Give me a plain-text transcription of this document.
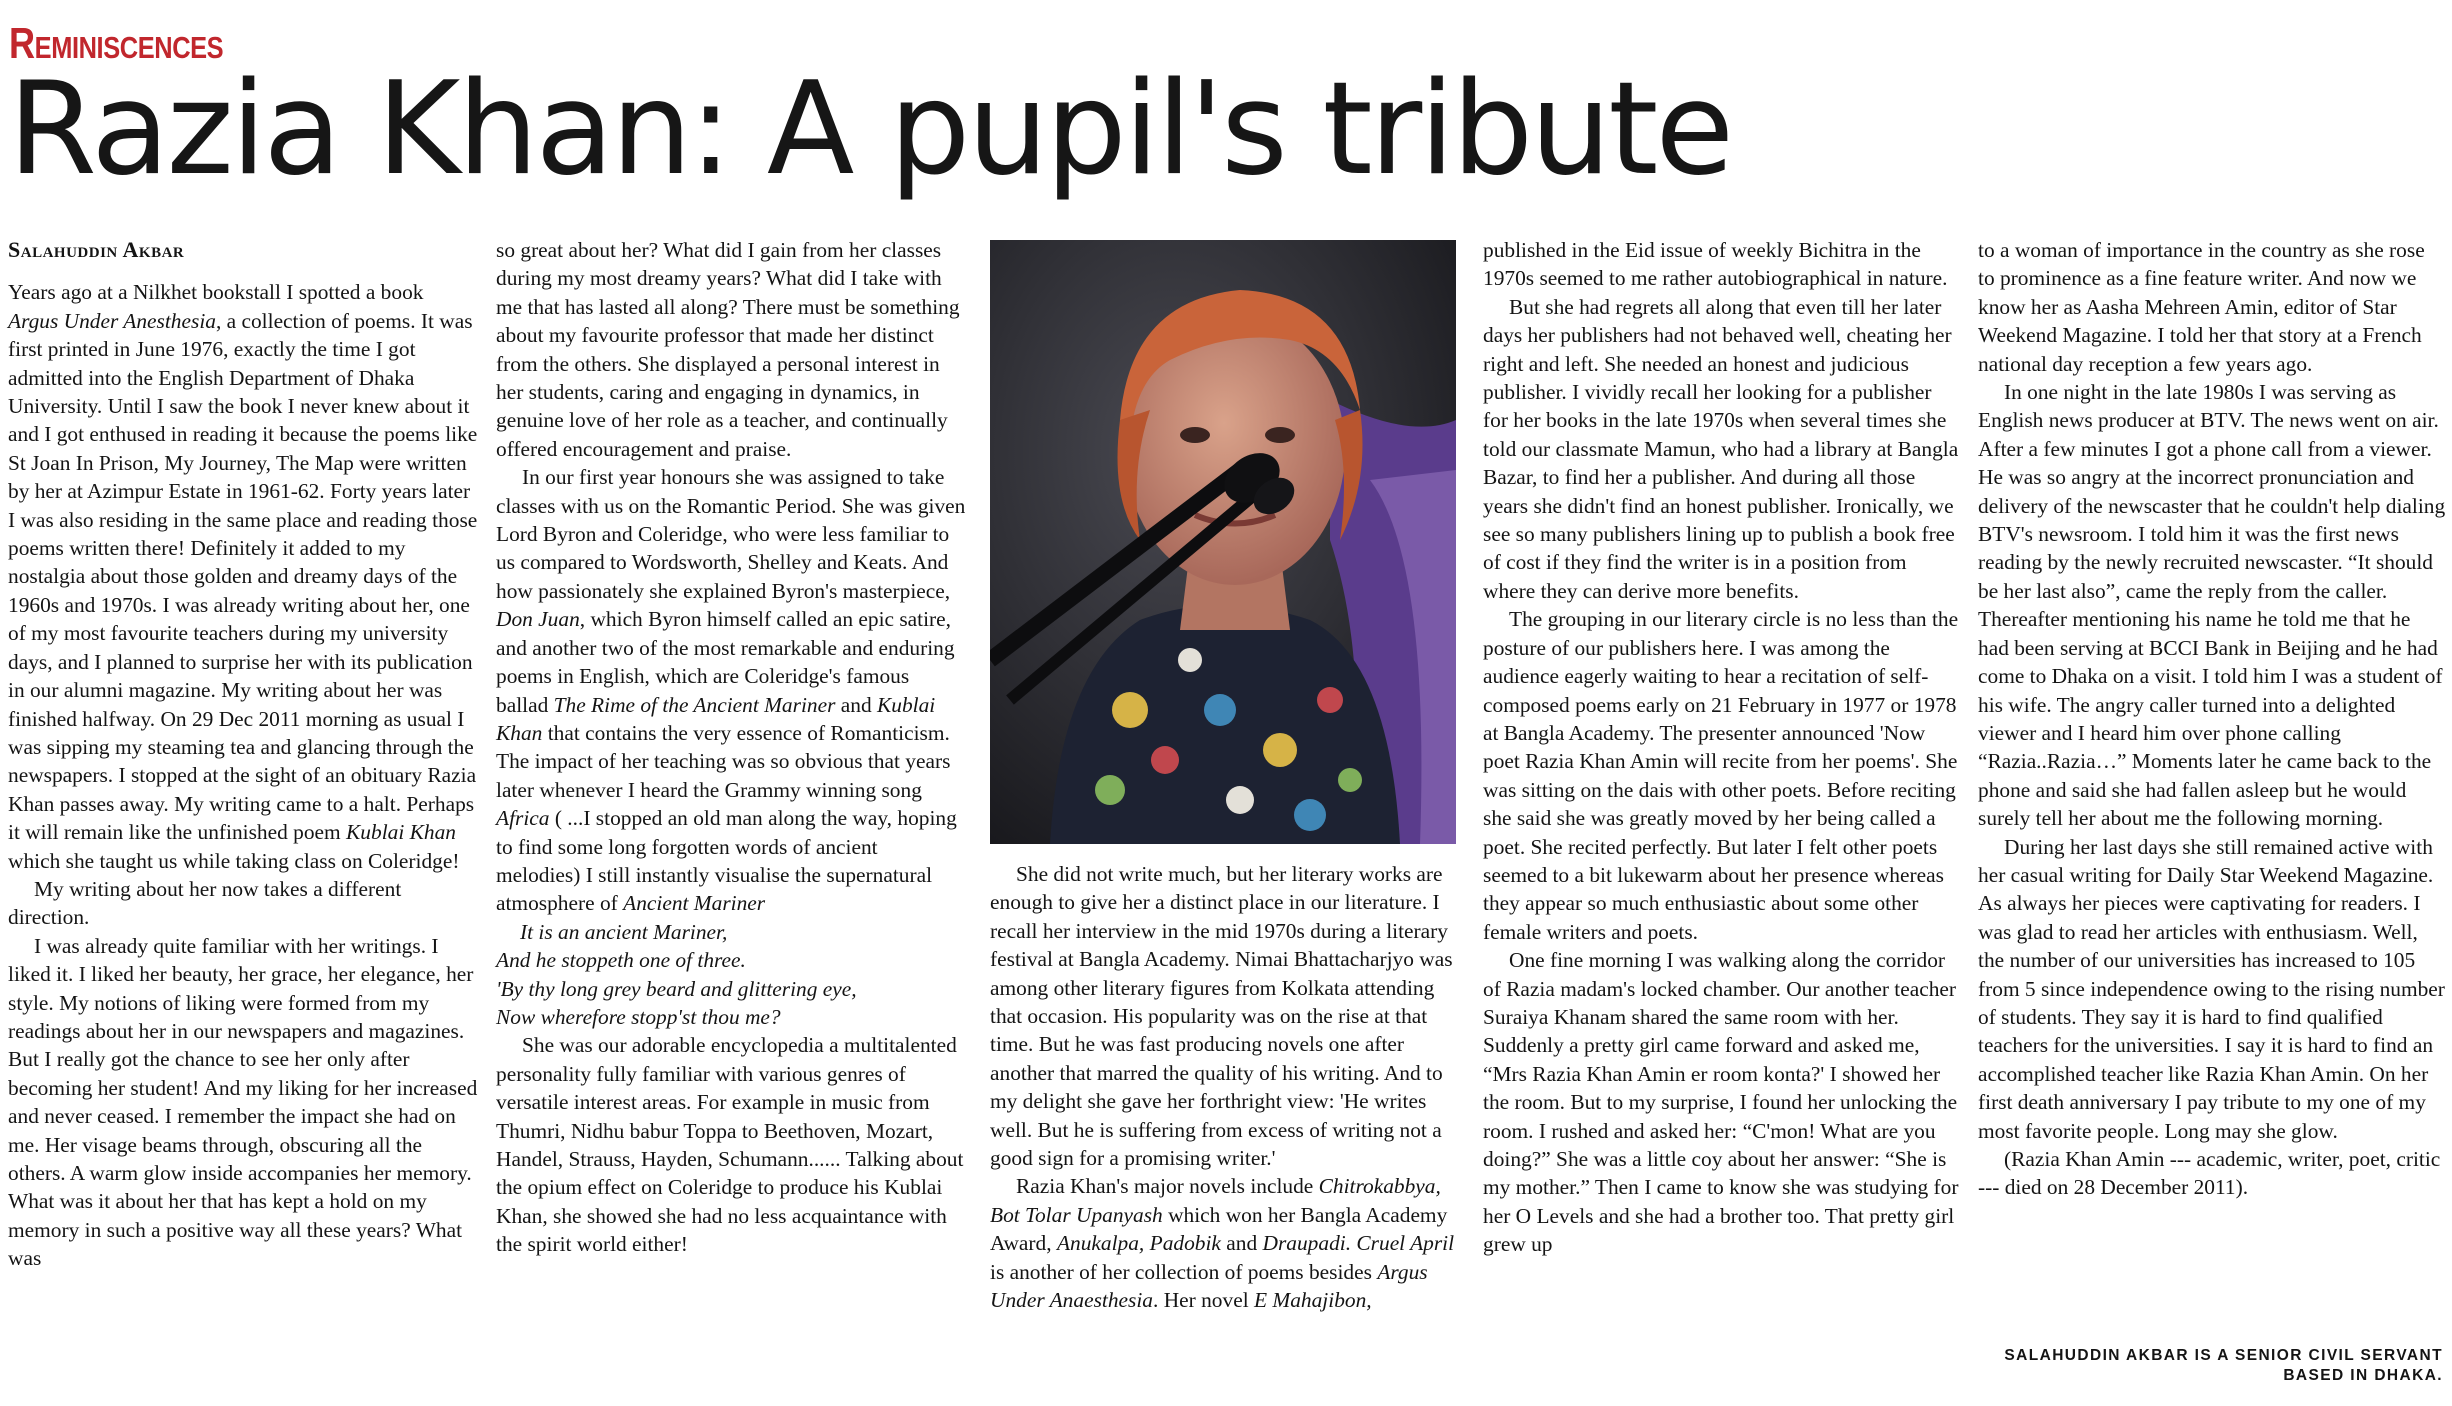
Reminiscences
Razia Khan: A pupil's tribute

Salahuddin Akbar

Years ago at a Nilkhet bookstall I spotted a book Argus Under Anesthesia, a collection of poems. It was first printed in June 1976, exactly the time I got admitted into the English Department of Dhaka University. Until I saw the book I never knew about it and I got enthused in reading it because the poems like St Joan In Prison, My Journey, The Map were written by her at Azimpur Estate in 1961-62. Forty years later I was also residing in the same place and reading those poems written there! Definitely it added to my nostalgia about those golden and dreamy days of the 1960s and 1970s. I was already writing about her, one of my most favourite teachers during my university days, and I planned to surprise her with its publication in our alumni magazine. My writing about her was finished halfway. On 29 Dec 2011 morning as usual I was sipping my steaming tea and glancing through the newspapers. I stopped at the sight of an obituary Razia Khan passes away. My writing came to a halt. Perhaps it will remain like the unfinished poem Kublai Khan which she taught us while taking class on Coleridge!

My writing about her now takes a different direction.

I was already quite familiar with her writings. I liked it. I liked her beauty, her grace, her elegance, her style. My notions of liking were formed from my readings about her in our newspapers and magazines. But I really got the chance to see her only after becoming her student! And my liking for her increased and never ceased. I remember the impact she had on me. Her visage beams through, obscuring all the others. A warm glow inside accompanies her memory. What was it about her that has kept a hold on my memory in such a positive way all these years? What was

so great about her? What did I gain from her classes during my most dreamy years? What did I take with me that has lasted all along? There must be something about my favourite professor that made her distinct from the others. She displayed a personal interest in her students, caring and engaging in dynamics, in genuine love of her role as a teacher, and continually offered encouragement and praise.

In our first year honours she was assigned to take classes with us on the Romantic Period. She was given Lord Byron and Coleridge, who were less familiar to us compared to Wordsworth, Shelley and Keats. And how passionately she explained Byron's masterpiece, Don Juan, which Byron himself called an epic satire, and another two of the most remarkable and enduring poems in English, which are Coleridge's famous ballad The Rime of the Ancient Mariner and Kublai Khan that contains the very essence of Romanticism. The impact of her teaching was so obvious that years later whenever I heard the Grammy winning song Africa ( ...I stopped an old man along the way, hoping to find some long forgotten words of ancient melodies) I still instantly visualise the supernatural atmosphere of Ancient Mariner

It is an ancient Mariner,

And he stoppeth one of three.

'By thy long grey beard and glittering eye,

Now wherefore stopp'st thou me?

She was our adorable encyclopedia a multitalented personality fully familiar with various genres of versatile interest areas. For example in music from Thumri, Nidhu babur Toppa to Beethoven, Mozart, Handel, Strauss, Hayden, Schumann...... Talking about the opium effect on Coleridge to produce his Kublai Khan, she showed she had no less acquaintance with the spirit world either!

She did not write much, but her literary works are enough to give her a distinct place in our literature. I recall her interview in the mid 1970s during a literary festival at Bangla Academy. Nimai Bhattacharjyo was among other literary figures from Kolkata attending that occasion. His popularity was on the rise at that time. But he was fast producing novels one after another that marred the quality of his writing. And to my delight she gave her forthright view: 'He writes well. But he is suffering from excess of writing not a good sign for a promising writer.'

Razia Khan's major novels include Chitrokabbya, Bot Tolar Upanyash which won her Bangla Academy Award, Anukalpa, Padobik and Draupadi. Cruel April is another of her collection of poems besides Argus Under Anaesthesia. Her novel E Mahajibon,

published in the Eid issue of weekly Bichitra in the 1970s seemed to me rather autobiographical in nature.

But she had regrets all along that even till her later days her publishers had not behaved well, cheating her right and left. She needed an honest and judicious publisher. I vividly recall her looking for a publisher for her books in the late 1970s when several times she told our classmate Mamun, who had a library at Bangla Bazar, to find her a publisher. And during all those years she didn't find an honest publisher. Ironically, we see so many publishers lining up to publish a book free of cost if they find the writer is in a position from where they can derive more benefits.

The grouping in our literary circle is no less than the posture of our publishers here. I was among the audience eagerly waiting to hear a recitation of self-composed poems early on 21 February in 1977 or 1978 at Bangla Academy. The presenter announced 'Now poet Razia Khan Amin will recite from her poems'. She was sitting on the dais with other poets. Before reciting she said she was greatly moved by her being called a poet. She recited perfectly. But later I felt other poets seemed to a bit lukewarm about her presence whereas they appear so much enthusiastic about some other female writers and poets.

One fine morning I was walking along the corridor of Razia madam's locked chamber. Our another teacher Suraiya Khanam shared the same room with her. Suddenly a pretty girl came forward and asked me, “Mrs Razia Khan Amin er room konta?' I showed her the room. But to my surprise, I found her unlocking the room. I rushed and asked her: “C'mon! What are you doing?” She was a little coy about her answer: “She is my mother.” Then I came to know she was studying for her O Levels and she had a brother too. That pretty girl grew up

to a woman of importance in the country as she rose to prominence as a fine feature writer. And now we know her as Aasha Mehreen Amin, editor of Star Weekend Magazine. I told her that story at a French national day reception a few years ago.

In one night in the late 1980s I was serving as English news producer at BTV. The news went on air. After a few minutes I got a phone call from a viewer. He was so angry at the incorrect pronunciation and delivery of the newscaster that he couldn't help dialing BTV's newsroom. I told him it was the first news reading by the newly recruited newscaster. “It should be her last also”, came the reply from the caller. Thereafter mentioning his name he told me that he had been serving at BCCI Bank in Beijing and he had come to Dhaka on a visit. I told him I was a student of his wife. The angry caller turned into a delighted viewer and I heard him over phone calling “Razia..Razia…” Moments later he came back to the phone and said she had fallen asleep but he would surely tell her about me the following morning.

During her last days she still remained active with her casual writing for Daily Star Weekend Magazine. As always her pieces were captivating for readers. I was glad to read her articles with enthusiasm. Well, the number of our universities has increased to 105 from 5 since independence owing to the rising number of students. They say it is hard to find qualified teachers for the universities. I say it is hard to find an accomplished teacher like Razia Khan Amin. On her first death anniversary I pay tribute to my one of my most favorite people. Long may she glow.

(Razia Khan Amin --- academic, writer, poet, critic --- died on 28 December 2011).

SALAHUDDIN AKBAR IS A SENIOR CIVIL SERVANT BASED IN DHAKA.
